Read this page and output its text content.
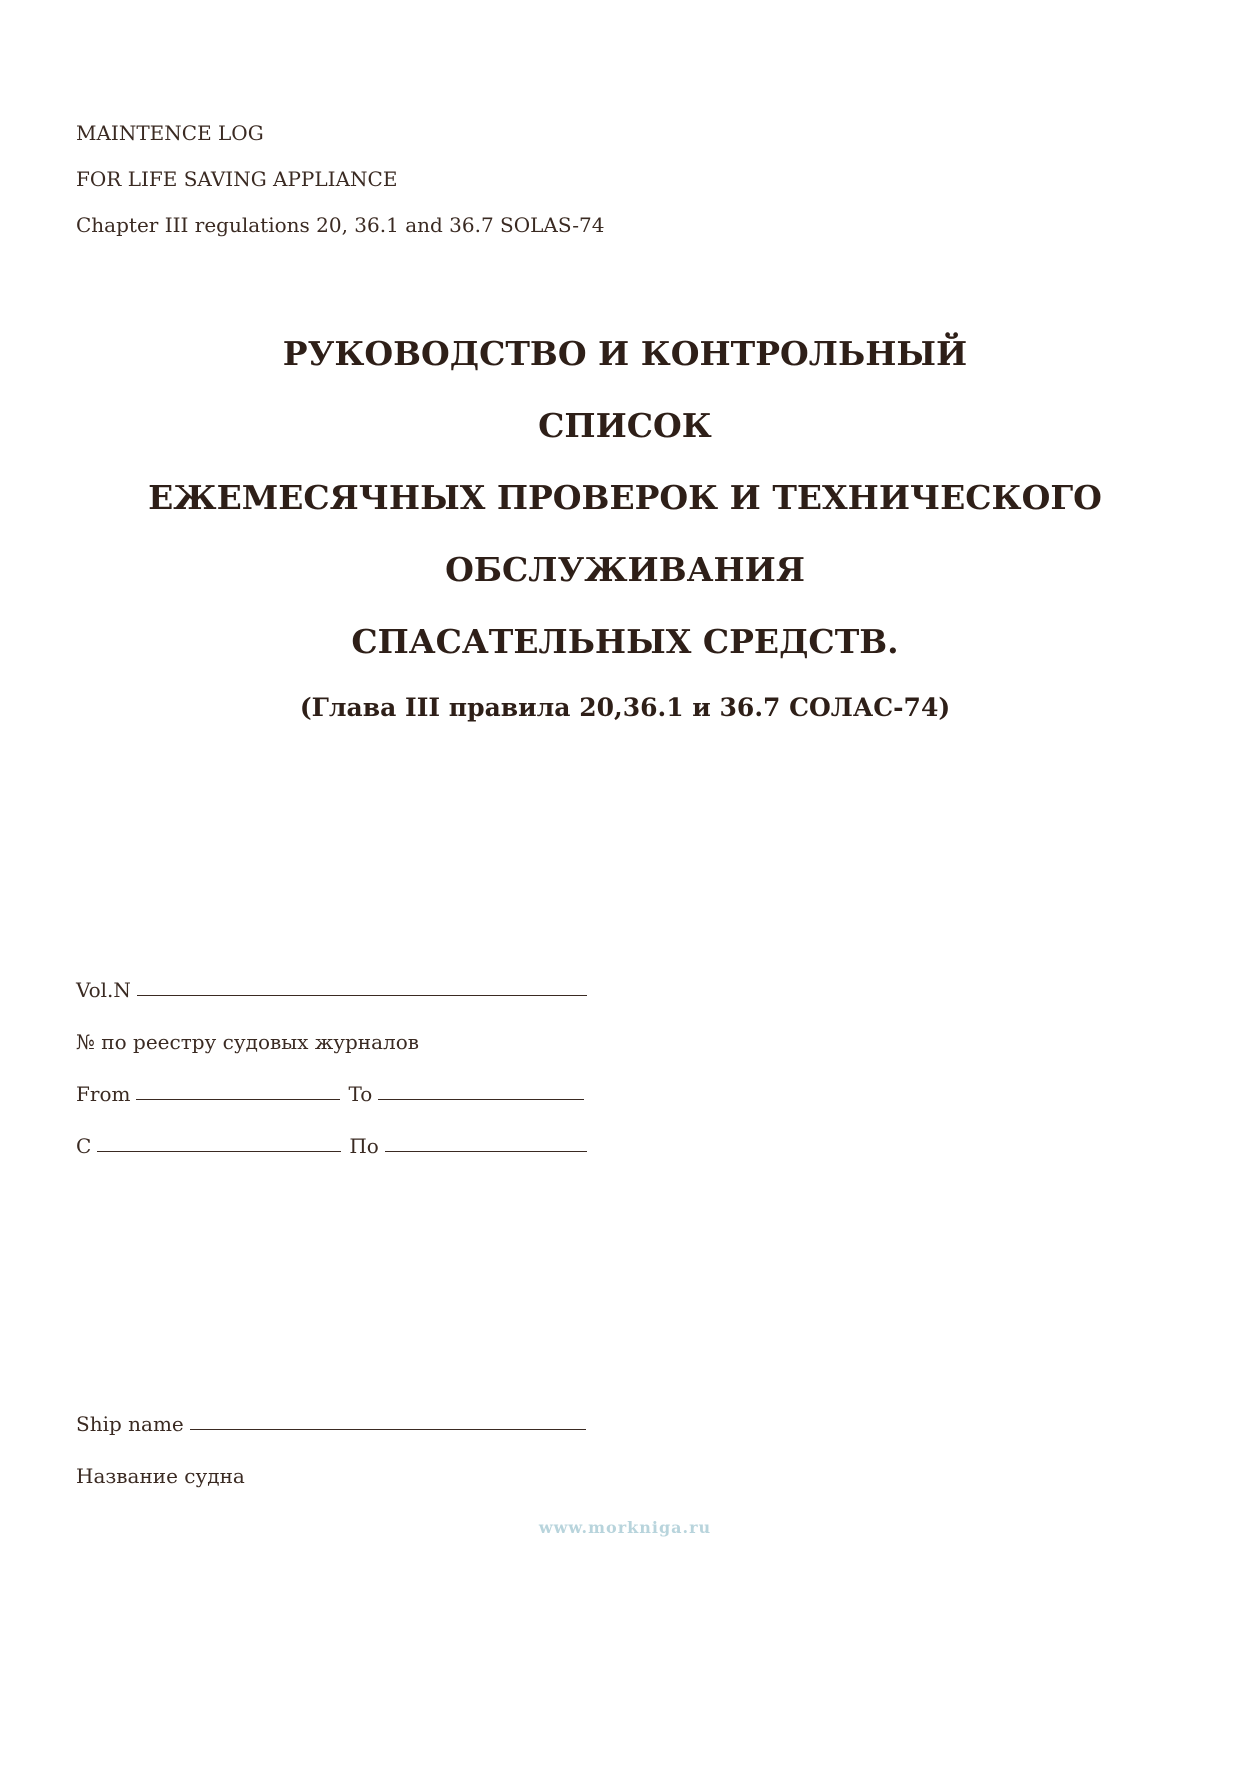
MAINTENCE LOG
FOR LIFE SAVING APPLIANCE
Chapter III regulations 20, 36.1 and 36.7 SOLAS-74
РУКОВОДСТВО И КОНТРОЛЬНЫЙ
СПИСОК
ЕЖЕМЕСЯЧНЫХ ПРОВЕРОК И ТЕХНИЧЕСКОГО
ОБСЛУЖИВАНИЯ
СПАСАТЕЛЬНЫХ СРЕДСТВ.
(Глава III правила 20,36.1 и 36.7 СОЛАС-74)
Vol.N
№ по реестру судовых журналов
From	To
С	По
Ship name
Название судна
www.morkniga.ru
